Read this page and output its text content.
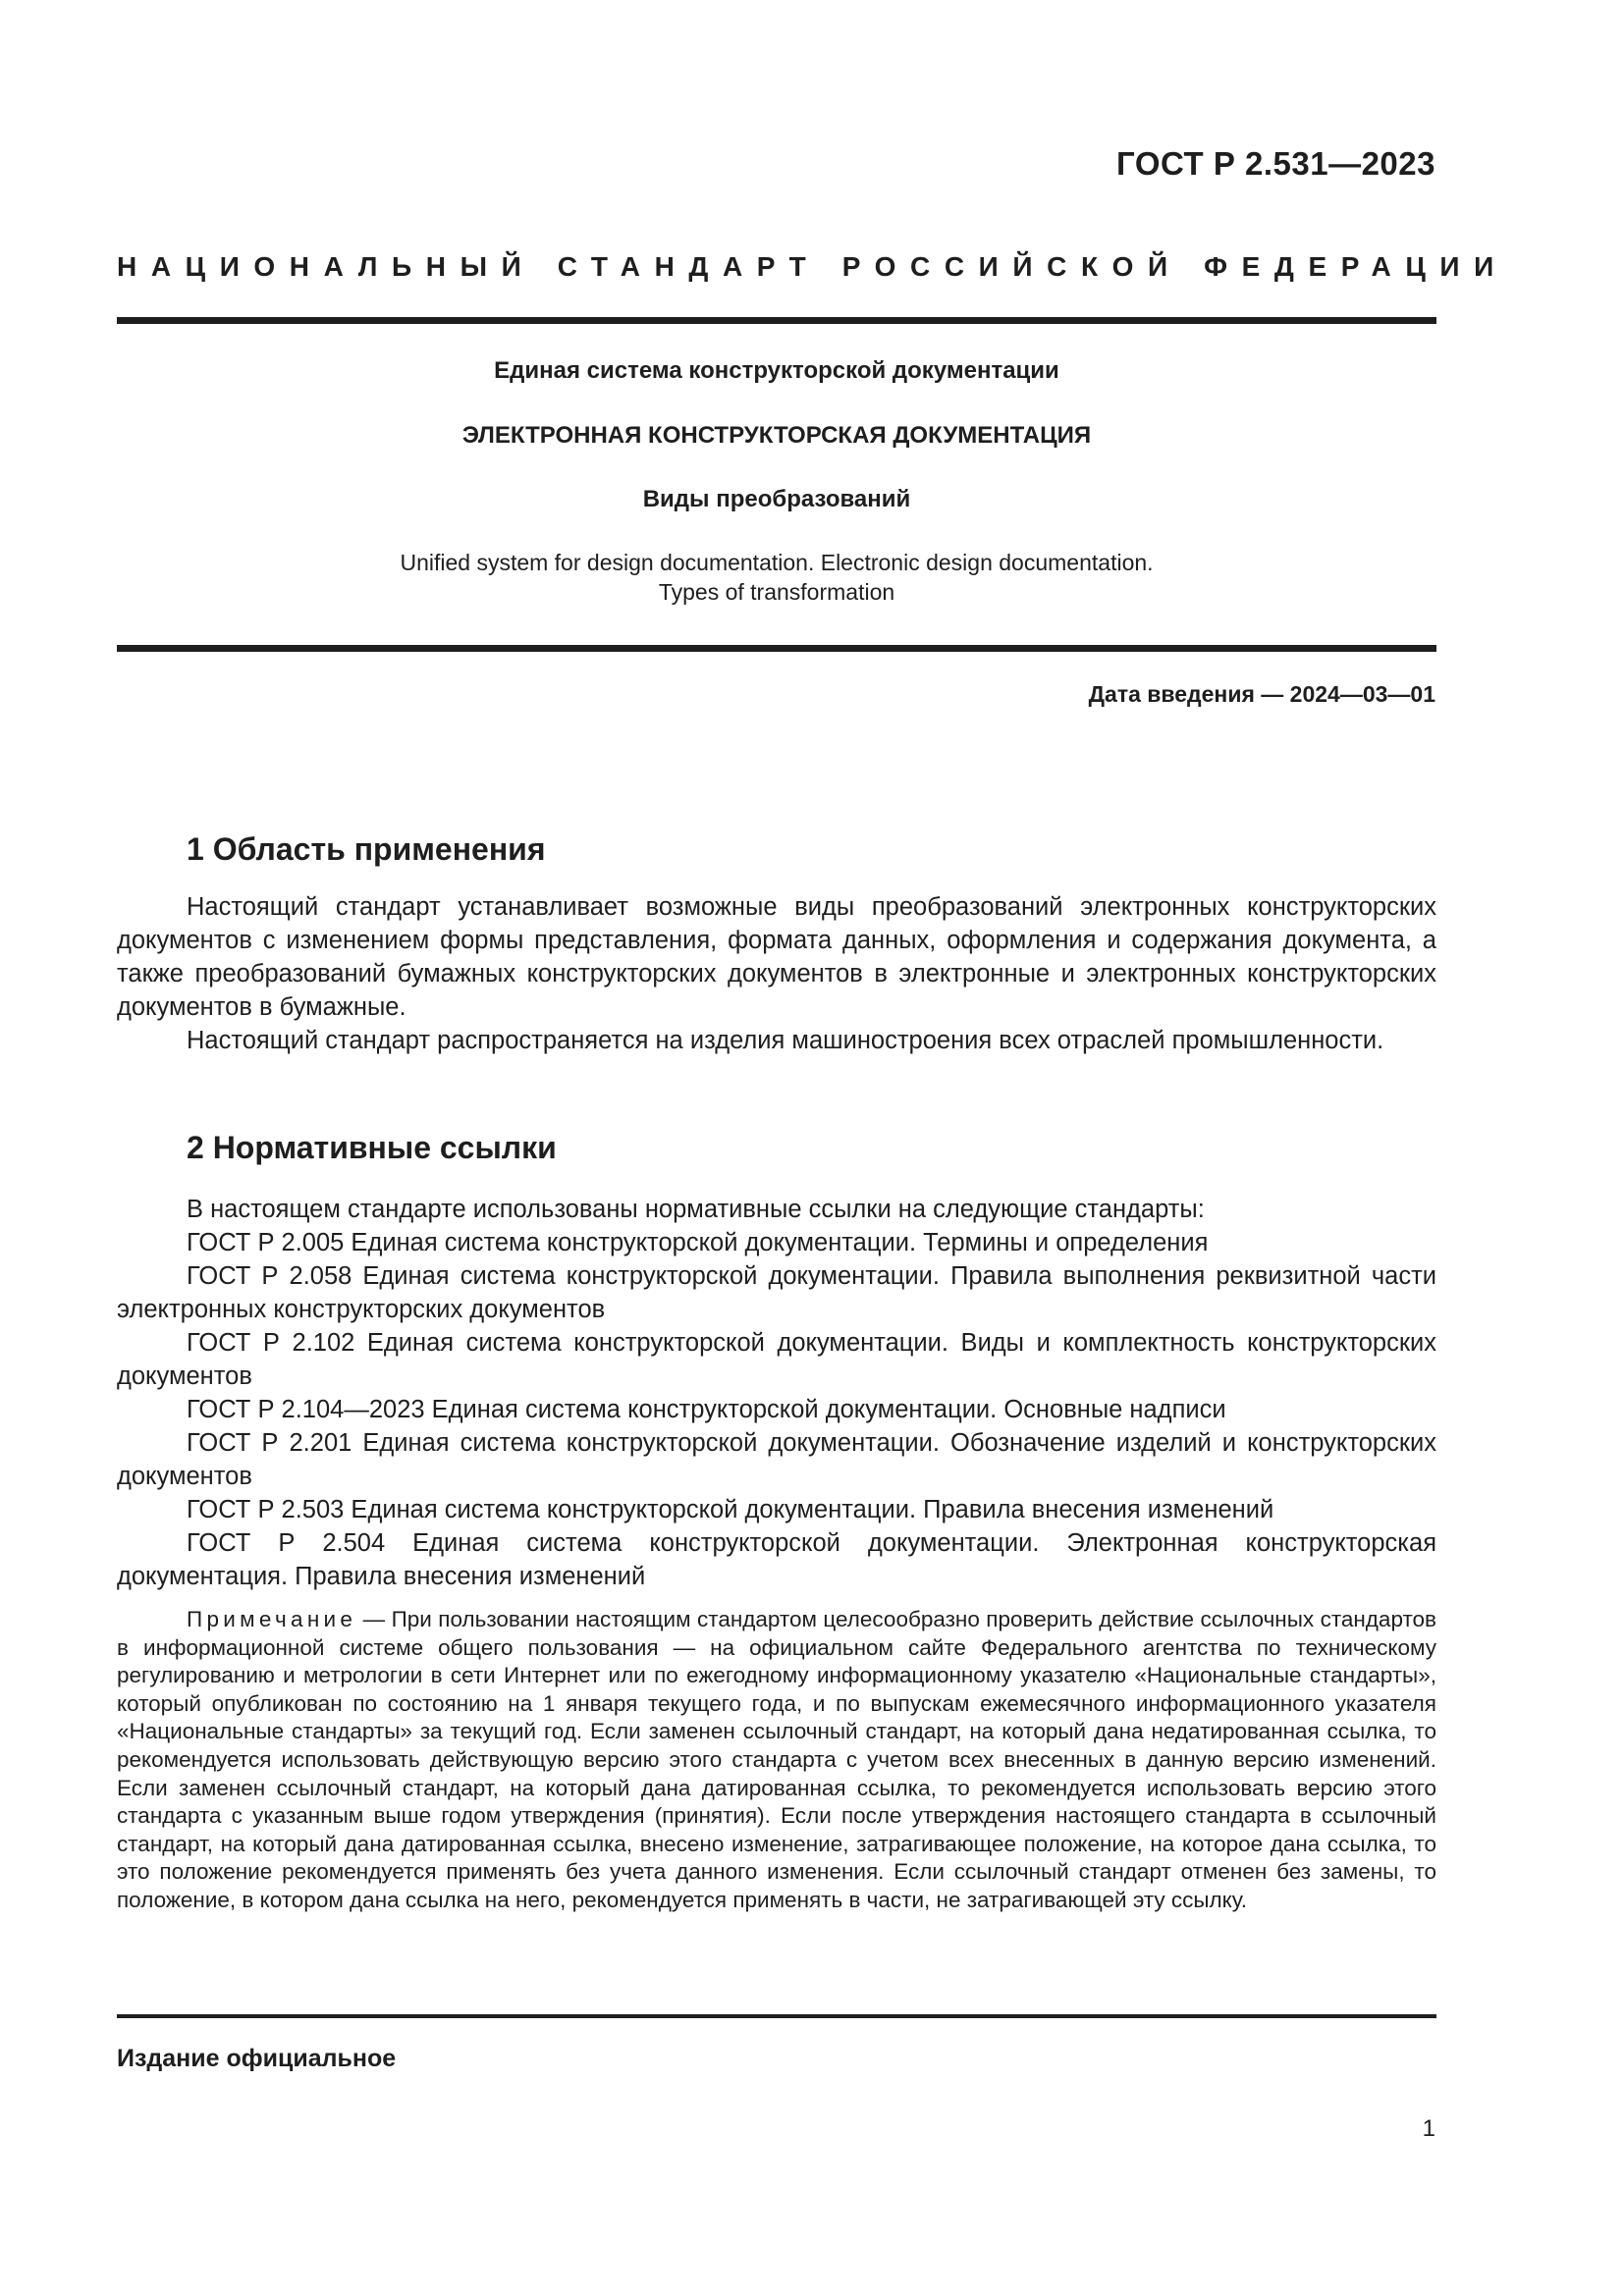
ГОСТ Р 2.531—2023
НАЦИОНАЛЬНЫЙ СТАНДАРТ РОССИЙСКОЙ ФЕДЕРАЦИИ
Единая система конструкторской документации
ЭЛЕКТРОННАЯ КОНСТРУКТОРСКАЯ ДОКУМЕНТАЦИЯ
Виды преобразований
Unified system for design documentation. Electronic design documentation.
Types of transformation
Дата введения — 2024—03—01
1 Область применения
Настоящий стандарт устанавливает возможные виды преобразований электронных конструкторских документов с изменением формы представления, формата данных, оформления и содержания документа, а также преобразований бумажных конструкторских документов в электронные и электронных конструкторских документов в бумажные.
Настоящий стандарт распространяется на изделия машиностроения всех отраслей промышленности.
2 Нормативные ссылки

В настоящем стандарте использованы нормативные ссылки на следующие стандарты:

ГОСТ Р 2.005 Единая система конструкторской документации. Термины и определения

ГОСТ Р 2.058 Единая система конструкторской документации. Правила выполнения реквизитной части электронных конструкторских документов

ГОСТ Р 2.102 Единая система конструкторской документации. Виды и комплектность конструкторских документов

ГОСТ Р 2.104—2023 Единая система конструкторской документации. Основные надписи

ГОСТ Р 2.201 Единая система конструкторской документации. Обозначение изделий и конструкторских документов

ГОСТ Р 2.503 Единая система конструкторской документации. Правила внесения изменений

ГОСТ Р 2.504 Единая система конструкторской документации. Электронная конструкторская документация. Правила внесения изменений

Примечание — При пользовании настоящим стандартом целесообразно проверить действие ссылочных стандартов в информационной системе общего пользования — на официальном сайте Федерального агентства по техническому регулированию и метрологии в сети Интернет или по ежегодному информационному указателю «Национальные стандарты», который опубликован по состоянию на 1 января текущего года, и по выпускам ежемесячного информационного указателя «Национальные стандарты» за текущий год. Если заменен ссылочный стандарт, на который дана недатированная ссылка, то рекомендуется использовать действующую версию этого стандарта с учетом всех внесенных в данную версию изменений. Если заменен ссылочный стандарт, на который дана датированная ссылка, то рекомендуется использовать версию этого стандарта с указанным выше годом утверждения (принятия). Если после утверждения настоящего стандарта в ссылочный стандарт, на который дана датированная ссылка, внесено изменение, затрагивающее положение, на которое дана ссылка, то это положение рекомендуется применять без учета данного изменения. Если ссылочный стандарт отменен без замены, то положение, в котором дана ссылка на него, рекомендуется применять в части, не затрагивающей эту ссылку.
Издание официальное
1
